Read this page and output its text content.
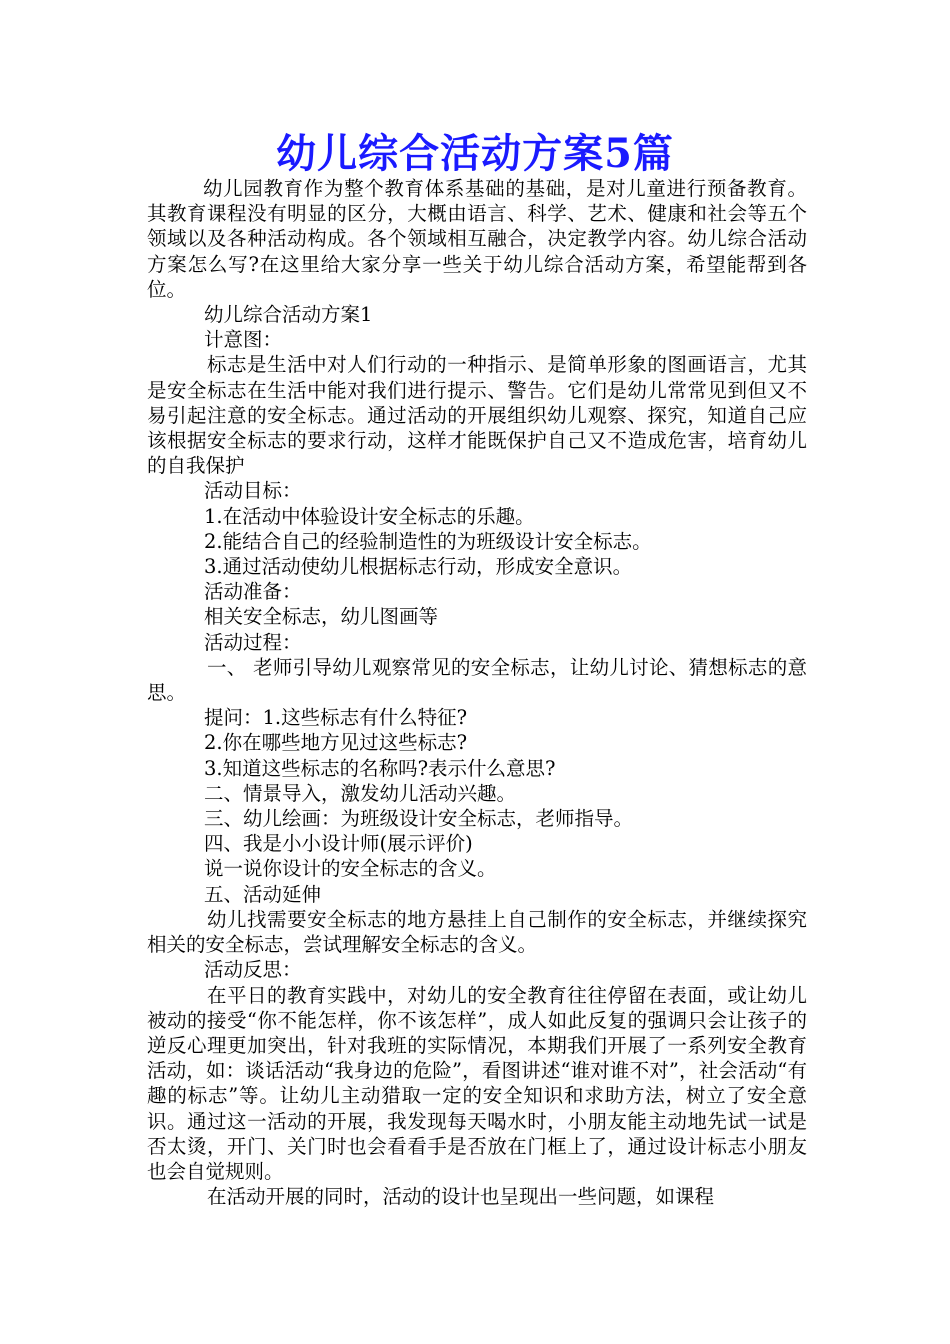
幼儿综合活动方案5篇

幼儿园教育作为整个教育体系基础的基础，是对儿童进行预备教育。其教育课程没有明显的区分，大概由语言、科学、艺术、健康和社会等五个领域以及各种活动构成。各个领域相互融合，决定教学内容。幼儿综合活动方案怎么写?在这里给大家分享一些关于幼儿综合活动方案，希望能帮到各位。

幼儿综合活动方案1

计意图：

标志是生活中对人们行动的一种指示、是简单形象的图画语言，尤其是安全标志在生活中能对我们进行提示、警告。它们是幼儿常常见到但又不易引起注意的安全标志。通过活动的开展组织幼儿观察、探究，知道自己应该根据安全标志的要求行动，这样才能既保护自己又不造成危害，培育幼儿的自我保护

活动目标：

1.在活动中体验设计安全标志的乐趣。

2.能结合自己的经验制造性的为班级设计安全标志。

3.通过活动使幼儿根据标志行动，形成安全意识。

活动准备：

相关安全标志，幼儿图画等

活动过程：

一、 老师引导幼儿观察常见的安全标志，让幼儿讨论、猜想标志的意思。

提问：1.这些标志有什么特征?

2.你在哪些地方见过这些标志?

3.知道这些标志的名称吗?表示什么意思?

二、情景导入，激发幼儿活动兴趣。

三、幼儿绘画：为班级设计安全标志，老师指导。

四、我是小小设计师(展示评价)

说一说你设计的安全标志的含义。

五、活动延伸

幼儿找需要安全标志的地方悬挂上自己制作的安全标志，并继续探究相关的安全标志，尝试理解安全标志的含义。

活动反思：

在平日的教育实践中，对幼儿的安全教育往往停留在表面，或让幼儿被动的接受“你不能怎样，你不该怎样”，成人如此反复的强调只会让孩子的逆反心理更加突出，针对我班的实际情况，本期我们开展了一系列安全教育活动，如：谈话活动“我身边的危险”，看图讲述“谁对谁不对”，社会活动“有趣的标志”等。让幼儿主动猎取一定的安全知识和求助方法，树立了安全意识。通过这一活动的开展，我发现每天喝水时，小朋友能主动地先试一试是否太烫，开门、关门时也会看看手是否放在门框上了，通过设计标志小朋友也会自觉规则。

在活动开展的同时，活动的设计也呈现出一些问题，如课程
